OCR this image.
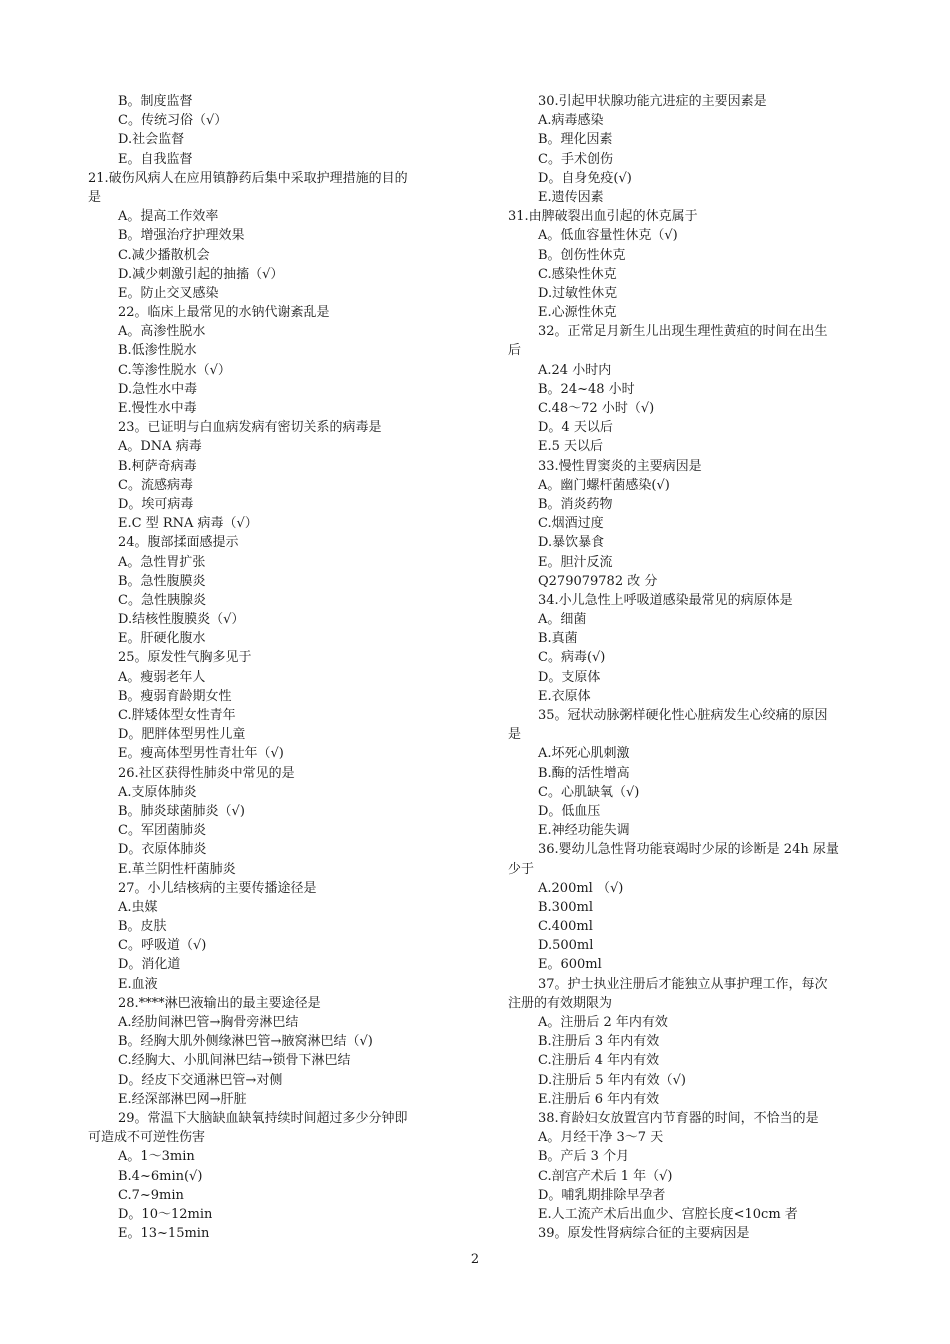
B。制度监督
C。传统习俗（√）
D.社会监督
E。自我监督
21.破伤风病人在应用镇静药后集中采取护理措施的目的
是
A。提高工作效率
B。增强治疗护理效果
C.减少播散机会
D.减少刺激引起的抽搐（√）
E。防止交叉感染
22。临床上最常见的水钠代谢紊乱是
A。高渗性脱水
B.低渗性脱水
C.等渗性脱水（√）
D.急性水中毒
E.慢性水中毒
23。已证明与白血病发病有密切关系的病毒是
A。DNA 病毒
B.柯萨奇病毒
C。流感病毒
D。埃可病毒
E.C 型 RNA 病毒（√）
24。腹部揉面感提示
A。急性胃扩张
B。急性腹膜炎
C。急性胰腺炎
D.结核性腹膜炎（√）
E。肝硬化腹水
25。原发性气胸多见于
A。瘦弱老年人
B。瘦弱育龄期女性
C.胖矮体型女性青年
D。肥胖体型男性儿童
E。瘦高体型男性青壮年（√)
26.社区获得性肺炎中常见的是
A.支原体肺炎
B。肺炎球菌肺炎（√)
C。军团菌肺炎
D。衣原体肺炎
E.革兰阴性杆菌肺炎
27。小儿结核病的主要传播途径是
A.虫媒
B。皮肤
C。呼吸道（√)
D。消化道
E.血液
28.****淋巴液输出的最主要途径是
A.经肋间淋巴管→胸骨旁淋巴结
B。经胸大肌外侧缘淋巴管→腋窝淋巴结（√)
C.经胸大、小肌间淋巴结→锁骨下淋巴结
D。经皮下交通淋巴管→对侧
E.经深部淋巴网→肝脏
29。常温下大脑缺血缺氧持续时间超过多少分钟即
可造成不可逆性伤害
A。1～3min
B.4~6min(√)
C.7~9min
D。10～12min
E。13~15min
30.引起甲状腺功能亢进症的主要因素是
A.病毒感染
B。理化因素
C。手术创伤
D。自身免疫(√)
E.遗传因素
31.由脾破裂出血引起的休克属于
A。低血容量性休克（√)
B。创伤性休克
C.感染性休克
D.过敏性休克
E.心源性休克
32。正常足月新生儿出现生理性黄疸的时间在出生
后
A.24 小时内
B。24~48 小时
C.48～72 小时（√)
D。4 天以后
E.5 天以后
33.慢性胃窦炎的主要病因是
A。幽门螺杆菌感染(√)
B。消炎药物
C.烟酒过度
D.暴饮暴食
E。胆汁反流
Q279079782 改 分
34.小儿急性上呼吸道感染最常见的病原体是
A。细菌
B.真菌
C。病毒(√)
D。支原体
E.衣原体
35。冠状动脉粥样硬化性心脏病发生心绞痛的原因
是
A.坏死心肌刺激
B.酶的活性增高
C。心肌缺氧（√)
D。低血压
E.神经功能失调
36.婴幼儿急性肾功能衰竭时少尿的诊断是 24h 尿量
少于
A.200ml （√)
B.300ml
C.400ml
D.500ml
E。600ml
37。护士执业注册后才能独立从事护理工作，每次
注册的有效期限为
A。注册后 2 年内有效
B.注册后 3 年内有效
C.注册后 4 年内有效
D.注册后 5 年内有效（√)
E.注册后 6 年内有效
38.育龄妇女放置宫内节育器的时间，不恰当的是
A。月经干净 3～7 天
B。产后 3 个月
C.剖宫产术后 1 年（√)
D。哺乳期排除早孕者
E.人工流产术后出血少、宫腔长度<10cm 者
39。原发性肾病综合征的主要病因是
2
